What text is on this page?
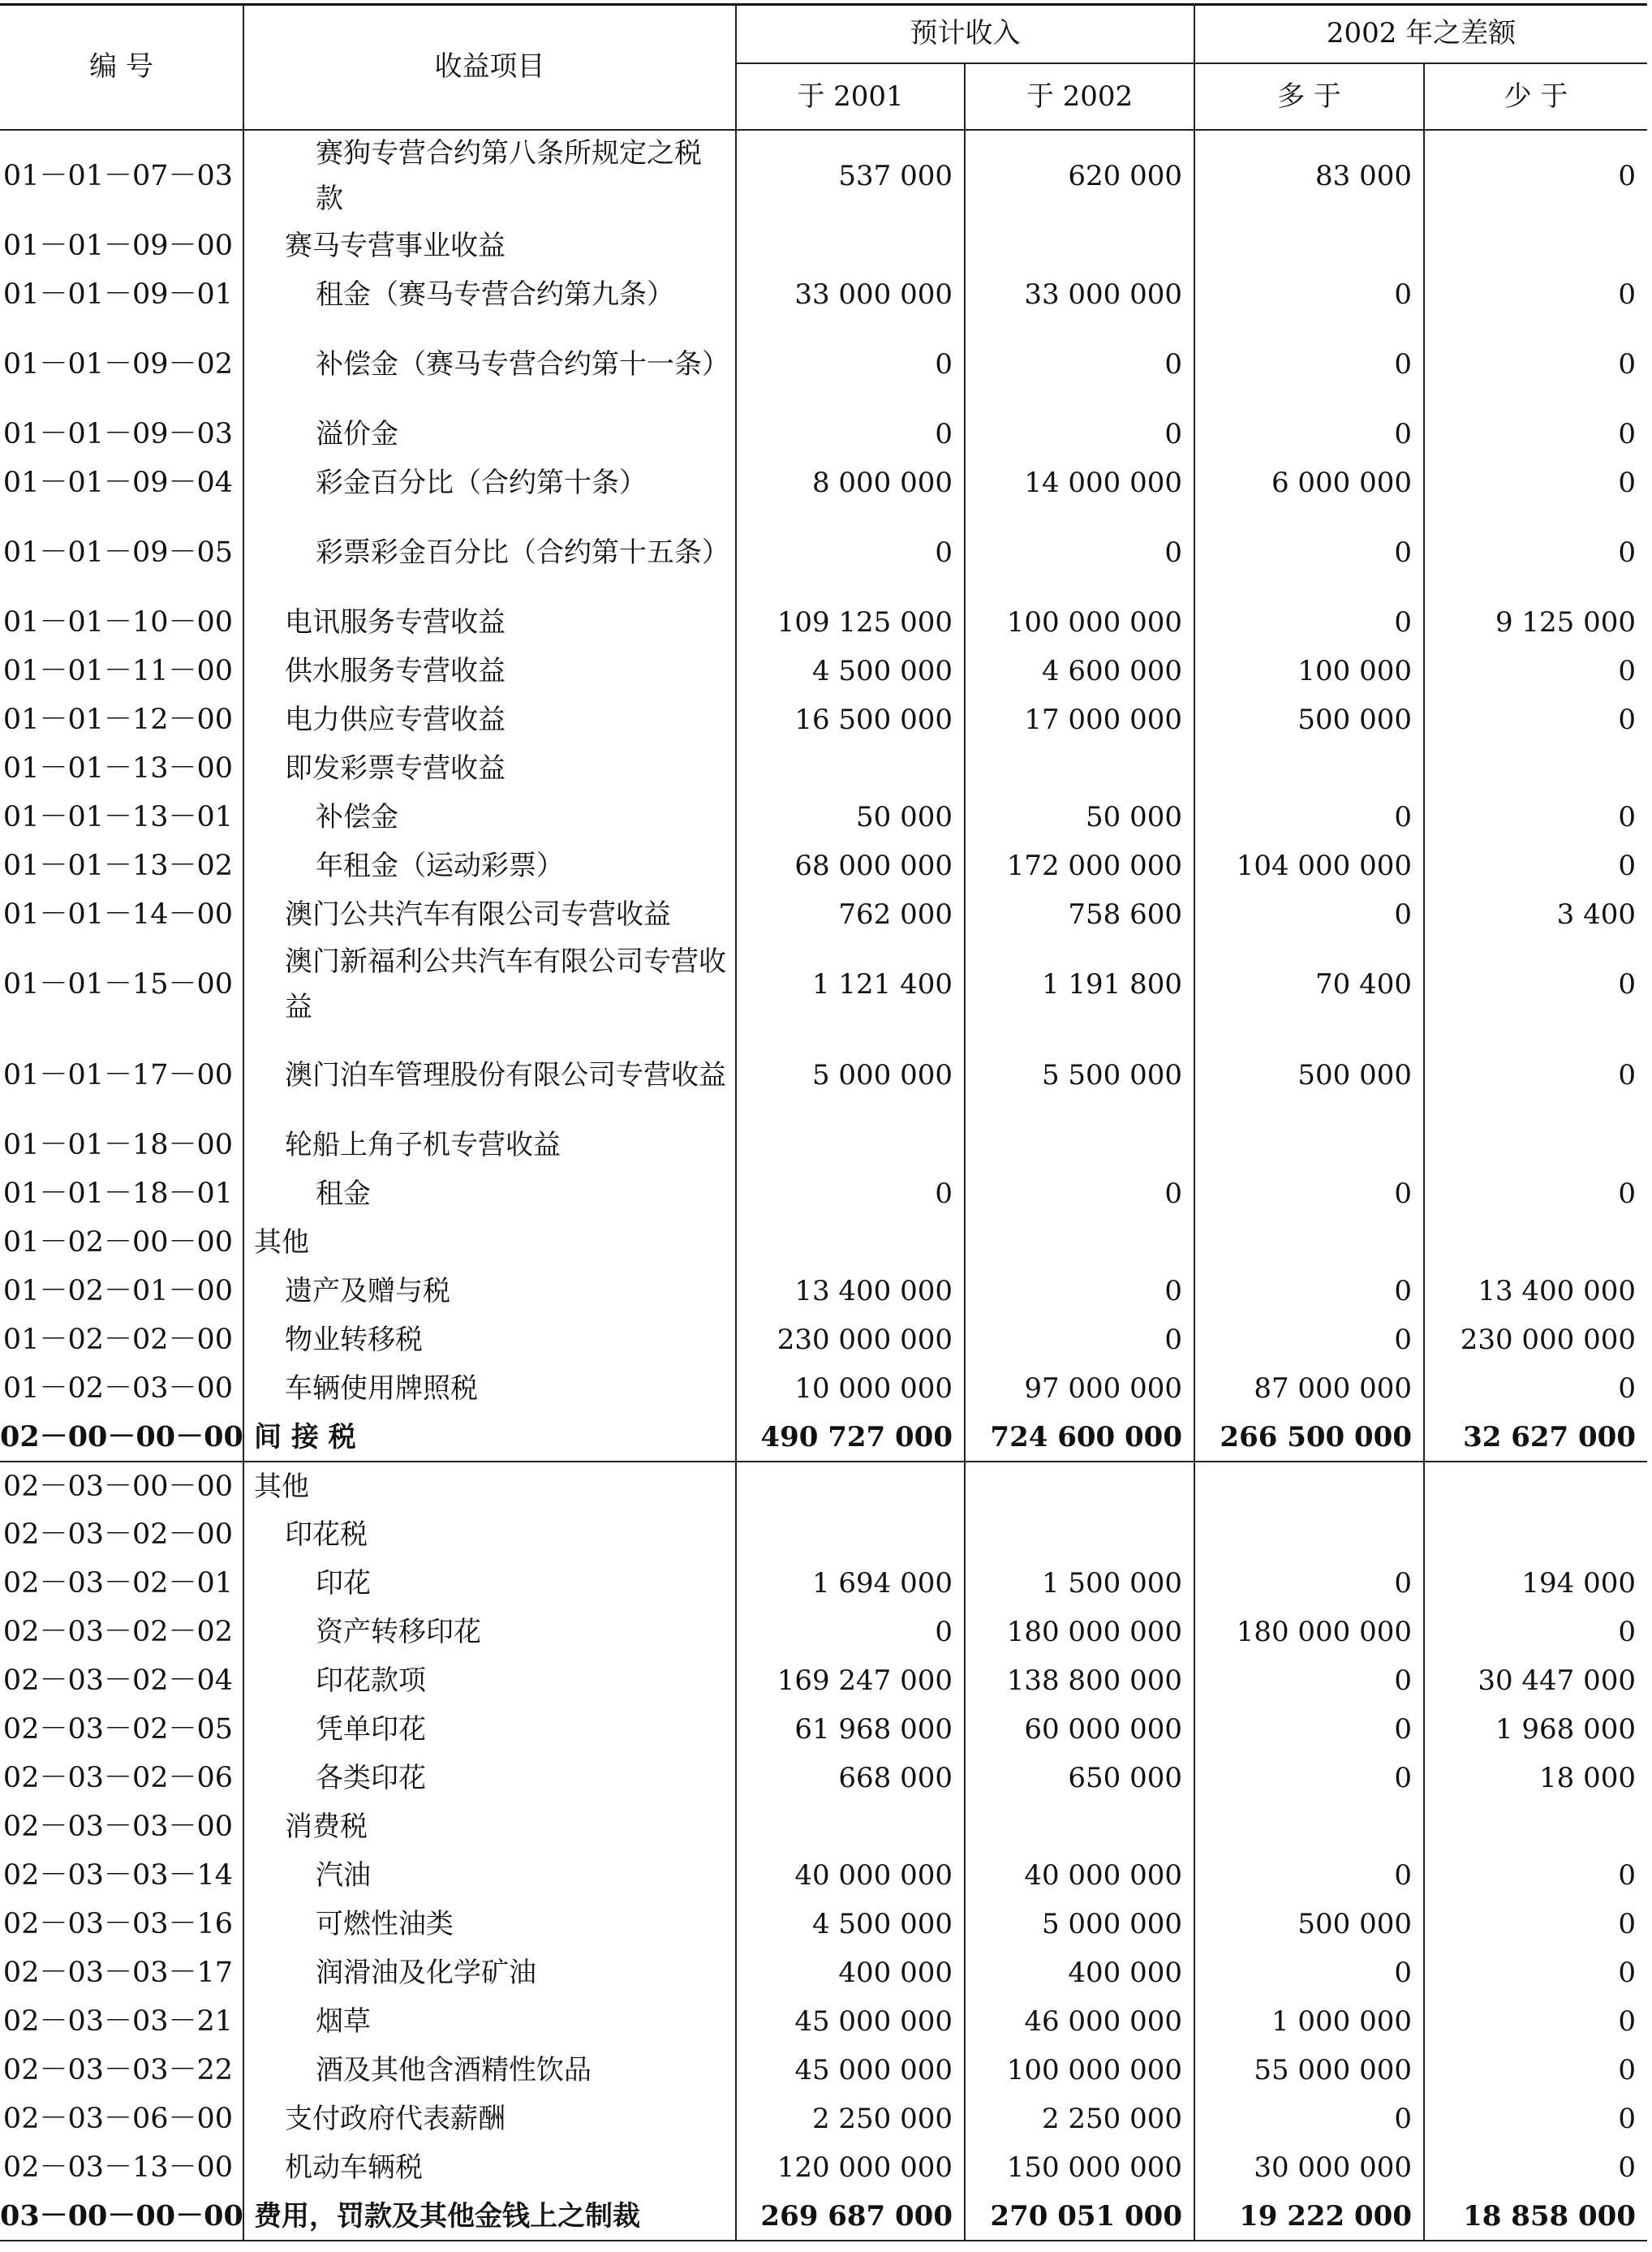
编 号	收益项目	预计收入		2002 年之差额	
		于 2001	于 2002	多 于	少 于
01－01－07－03	赛狗专营合约第八条所规定之税款	537 000	620 000	83 000	0
01－01－09－00	赛马专营事业收益				
01－01－09－01	租金（赛马专营合约第九条）	33 000 000	33 000 000	0	0
01－01－09－02	补偿金（赛马专营合约第十一条）	0	0	0	0
01－01－09－03	溢价金	0	0	0	0
01－01－09－04	彩金百分比（合约第十条）	8 000 000	14 000 000	6 000 000	0
01－01－09－05	彩票彩金百分比（合约第十五条）	0	0	0	0
01－01－10－00	电讯服务专营收益	109 125 000	100 000 000	0	9 125 000
01－01－11－00	供水服务专营收益	4 500 000	4 600 000	100 000	0
01－01－12－00	电力供应专营收益	16 500 000	17 000 000	500 000	0
01－01－13－00	即发彩票专营收益				
01－01－13－01	补偿金	50 000	50 000	0	0
01－01－13－02	年租金（运动彩票）	68 000 000	172 000 000	104 000 000	0
01－01－14－00	澳门公共汽车有限公司专营收益	762 000	758 600	0	3 400
01－01－15－00	澳门新福利公共汽车有限公司专营收益	1 121 400	1 191 800	70 400	0
01－01－17－00	澳门泊车管理股份有限公司专营收益	5 000 000	5 500 000	500 000	0
01－01－18－00	轮船上角子机专营收益				
01－01－18－01	租金	0	0	0	0
01－02－00－00	其他				
01－02－01－00	遗产及赠与税	13 400 000	0	0	13 400 000
01－02－02－00	物业转移税	230 000 000	0	0	230 000 000
01－02－03－00	车辆使用牌照税	10 000 000	97 000 000	87 000 000	0
02－00－00－00	间 接 税	490 727 000	724 600 000	266 500 000	32 627 000
02－03－00－00	其他				
02－03－02－00	印花税				
02－03－02－01	印花	1 694 000	1 500 000	0	194 000
02－03－02－02	资产转移印花	0	180 000 000	180 000 000	0
02－03－02－04	印花款项	169 247 000	138 800 000	0	30 447 000
02－03－02－05	凭单印花	61 968 000	60 000 000	0	1 968 000
02－03－02－06	各类印花	668 000	650 000	0	18 000
02－03－03－00	消费税				
02－03－03－14	汽油	40 000 000	40 000 000	0	0
02－03－03－16	可燃性油类	4 500 000	5 000 000	500 000	0
02－03－03－17	润滑油及化学矿油	400 000	400 000	0	0
02－03－03－21	烟草	45 000 000	46 000 000	1 000 000	0
02－03－03－22	酒及其他含酒精性饮品	45 000 000	100 000 000	55 000 000	0
02－03－06－00	支付政府代表薪酬	2 250 000	2 250 000	0	0
02－03－13－00	机动车辆税	120 000 000	150 000 000	30 000 000	0
03－00－00－00	费用，罚款及其他金钱上之制裁	269 687 000	270 051 000	19 222 000	18 858 000
